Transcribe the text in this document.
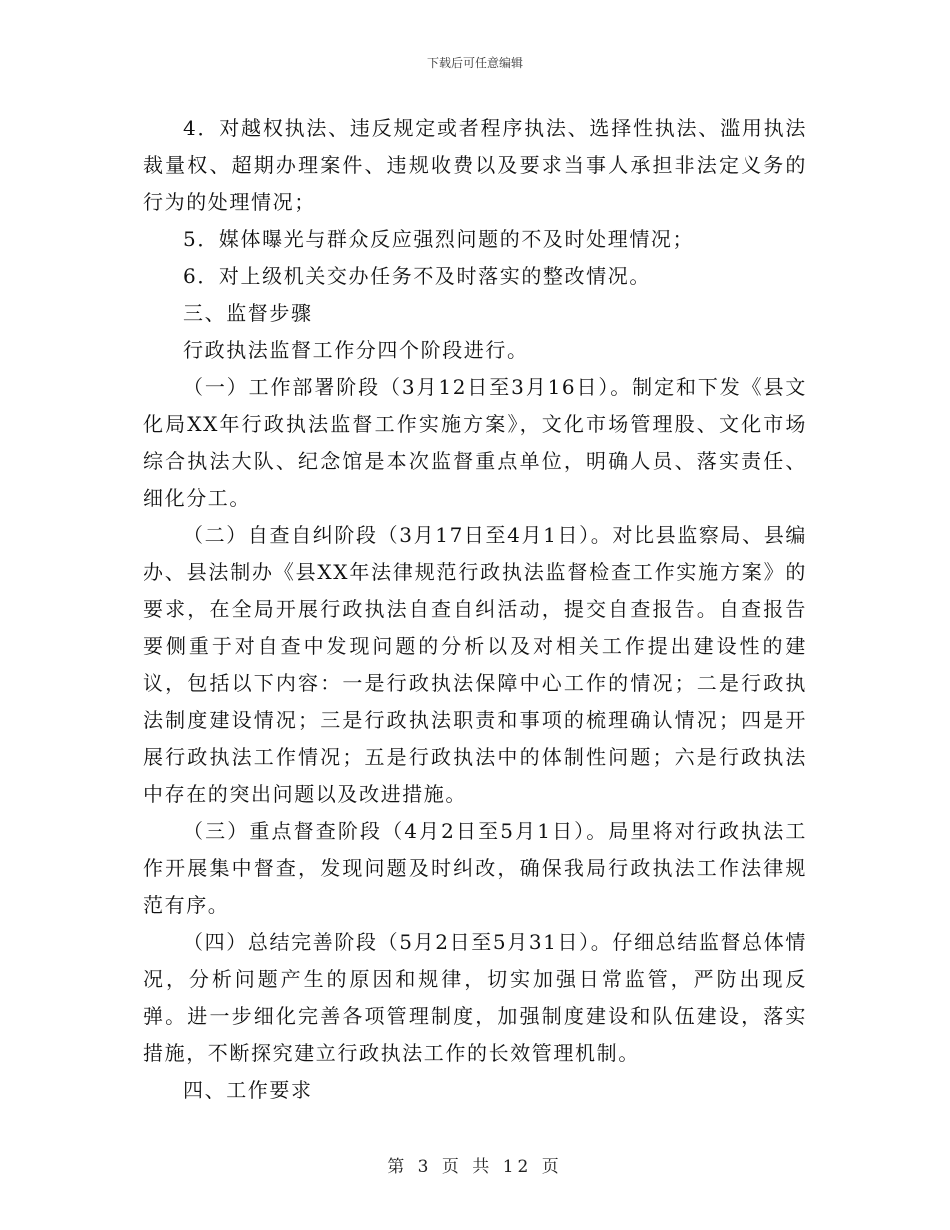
下载后可任意编辑

4．对越权执法、违反规定或者程序执法、选择性执法、滥用执法裁量权、超期办理案件、违规收费以及要求当事人承担非法定义务的行为的处理情况；

5．媒体曝光与群众反应强烈问题的不及时处理情况；

6．对上级机关交办任务不及时落实的整改情况。

三、监督步骤

行政执法监督工作分四个阶段进行。

（一）工作部署阶段（3月12日至3月16日）。制定和下发《县文化局XX年行政执法监督工作实施方案》，文化市场管理股、文化市场综合执法大队、纪念馆是本次监督重点单位，明确人员、落实责任、细化分工。

（二）自查自纠阶段（3月17日至4月1日）。对比县监察局、县编办、县法制办《县XX年法律规范行政执法监督检查工作实施方案》的要求，在全局开展行政执法自查自纠活动，提交自查报告。自查报告要侧重于对自查中发现问题的分析以及对相关工作提出建设性的建议，包括以下内容：一是行政执法保障中心工作的情况；二是行政执法制度建设情况；三是行政执法职责和事项的梳理确认情况；四是开展行政执法工作情况；五是行政执法中的体制性问题；六是行政执法中存在的突出问题以及改进措施。

（三）重点督查阶段（4月2日至5月1日）。局里将对行政执法工作开展集中督查，发现问题及时纠改，确保我局行政执法工作法律规范有序。

（四）总结完善阶段（5月2日至5月31日）。仔细总结监督总体情况，分析问题产生的原因和规律，切实加强日常监管，严防出现反弹。进一步细化完善各项管理制度，加强制度建设和队伍建设，落实措施，不断探究建立行政执法工作的长效管理机制。

四、工作要求

第 3 页 共 12 页
